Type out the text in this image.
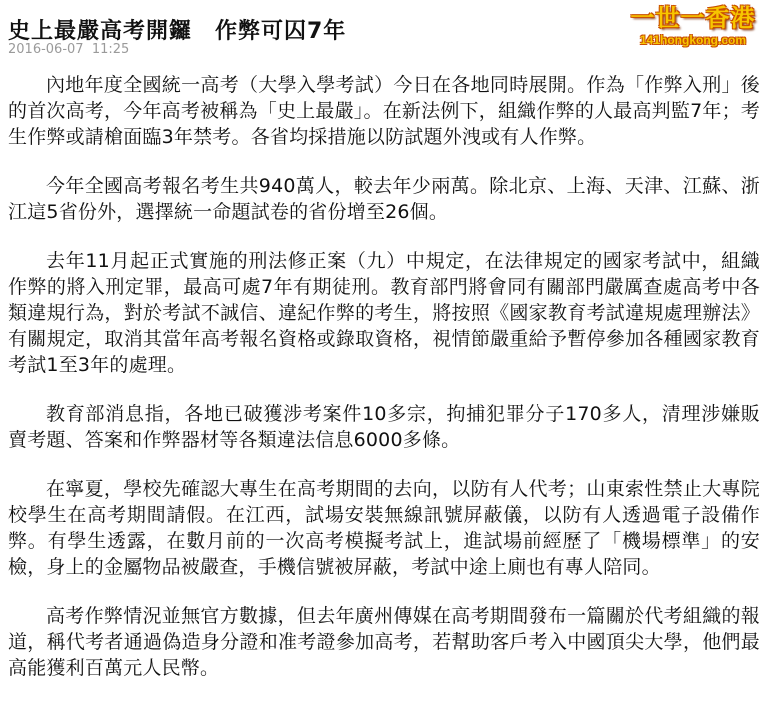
史上最嚴高考開鑼　作弊可囚7年
2016-06-07  11:25
一世一香港
141hongkong.com

內地年度全國統一高考（大學入學考試）今日在各地同時展開。作為「作弊入刑」後的首次高考，今年高考被稱為「史上最嚴」。在新法例下，組織作弊的人最高判監7年；考生作弊或請槍面臨3年禁考。各省均採措施以防試題外洩或有人作弊。

今年全國高考報名考生共940萬人，較去年少兩萬。除北京、上海、天津、江蘇、浙江這5省份外，選擇統一命題試卷的省份增至26個。

去年11月起正式實施的刑法修正案（九）中規定，在法律規定的國家考試中，組織作弊的將入刑定罪，最高可處7年有期徒刑。教育部門將會同有關部門嚴厲查處高考中各類違規行為，對於考試不誠信、違紀作弊的考生，將按照《國家教育考試違規處理辦法》有關規定，取消其當年高考報名資格或錄取資格，視情節嚴重給予暫停參加各種國家教育考試1至3年的處理。

教育部消息指，各地已破獲涉考案件10多宗，拘捕犯罪分子170多人，清理涉嫌販賣考題、答案和作弊器材等各類違法信息6000多條。

在寧夏，學校先確認大專生在高考期間的去向，以防有人代考；山東索性禁止大專院校學生在高考期間請假。在江西，試場安裝無線訊號屏蔽儀，以防有人透過電子設備作弊。有學生透露，在數月前的一次高考模擬考試上，進試場前經歷了「機場標準」的安檢，身上的金屬物品被嚴查，手機信號被屏蔽，考試中途上廁也有專人陪同。

高考作弊情況並無官方數據，但去年廣州傳媒在高考期間發布一篇關於代考組織的報道，稱代考者通過偽造身分證和准考證參加高考，若幫助客戶考入中國頂尖大學，他們最高能獲利百萬元人民幣。
